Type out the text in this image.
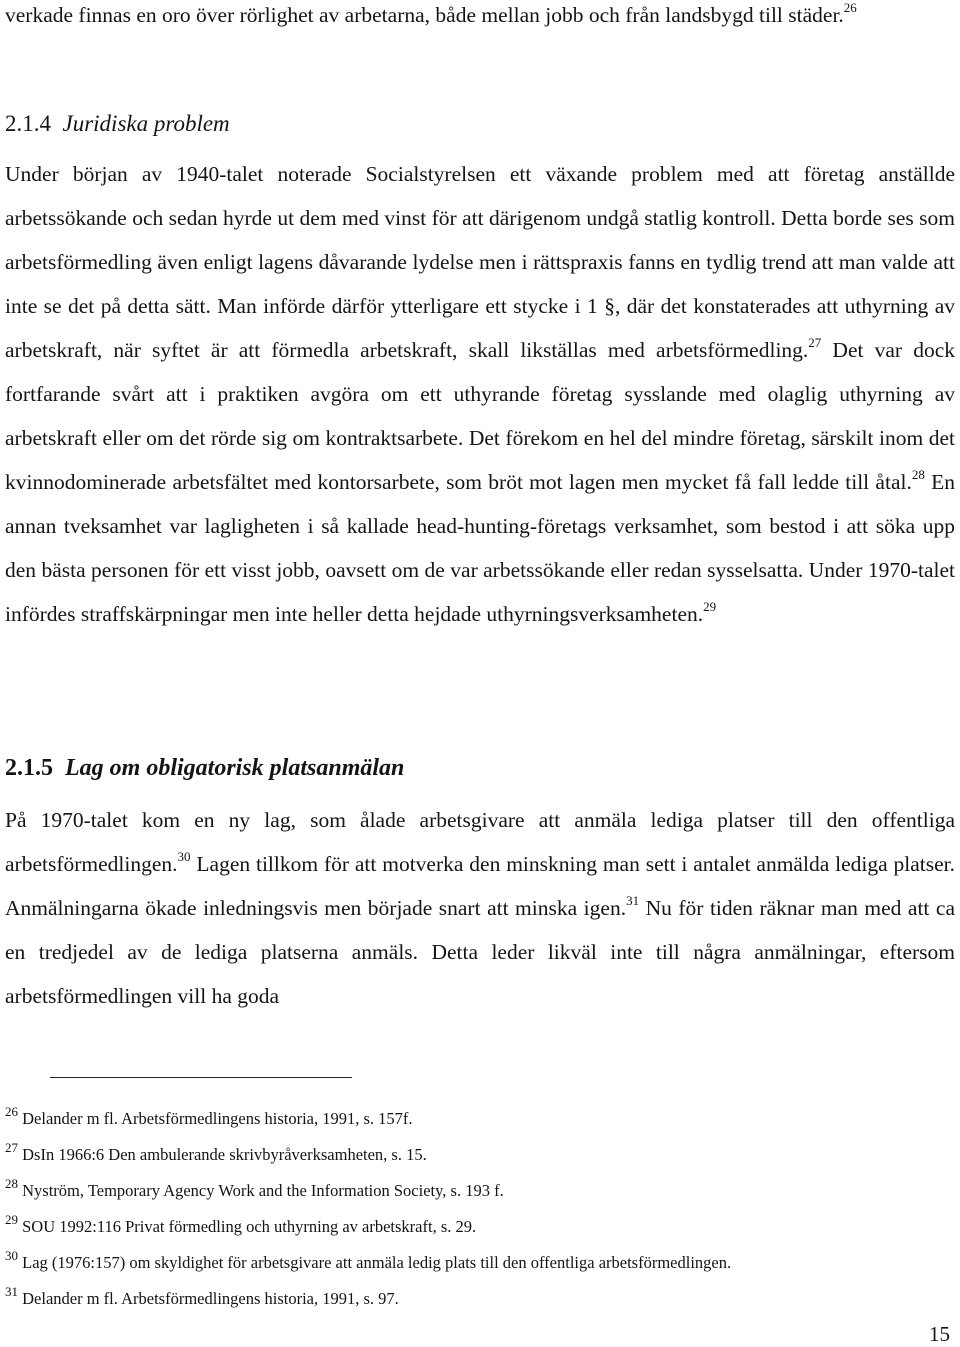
verkade finnas en oro över rörlighet av arbetarna, både mellan jobb och från landsbygd till städer.$^{26}$

2.1.4 Juridiska problem

Under början av 1940-talet noterade Socialstyrelsen ett växande problem med att företag anställde arbetssökande och sedan hyrde ut dem med vinst för att därigenom undgå statlig kontroll. Detta borde ses som arbetsförmedling även enligt lagens dåvarande lydelse men i rättspraxis fanns en tydlig trend att man valde att inte se det på detta sätt. Man införde därför ytterligare ett stycke i 1 §, där det konstaterades att uthyrning av arbetskraft, när syftet är att förmedla arbetskraft, skall likställas med arbetsförmedling.$^{27}$ Det var dock fortfarande svårt att i praktiken avgöra om ett uthyrande företag sysslande med olaglig uthyrning av arbetskraft eller om det rörde sig om kontraktsarbete. Det förekom en hel del mindre företag, särskilt inom det kvinnodominerade arbetsfältet med kontorsarbete, som bröt mot lagen men mycket få fall ledde till åtal.$^{28}$ En annan tveksamhet var lagligheten i så kallade head-hunting-företags verksamhet, som bestod i att söka upp den bästa personen för ett visst jobb, oavsett om de var arbetssökande eller redan sysselsatta. Under 1970-talet infördes straffskärpningar men inte heller detta hejdade uthyrningsverksamheten.$^{29}$

2.1.5 Lag om obligatorisk platsanmälan

På 1970-talet kom en ny lag, som ålade arbetsgivare att anmäla lediga platser till den offentliga arbetsförmedlingen.$^{30}$ Lagen tillkom för att motverka den minskning man sett i antalet anmälda lediga platser. Anmälningarna ökade inledningsvis men började snart att minska igen.$^{31}$ Nu för tiden räknar man med att ca en tredjedel av de lediga platserna anmäls. Detta leder likväl inte till några anmälningar, eftersom arbetsförmedlingen vill ha goda

$^{26}$ Delander m fl. Arbetsförmedlingens historia, 1991, s. 157f.
$^{27}$ DsIn 1966:6 Den ambulerande skrivbyråverksamheten, s. 15.
$^{28}$ Nyström, Temporary Agency Work and the Information Society, s. 193 f.
$^{29}$ SOU 1992:116 Privat förmedling och uthyrning av arbetskraft, s. 29.
$^{30}$ Lag (1976:157) om skyldighet för arbetsgivare att anmäla ledig plats till den offentliga arbetsförmedlingen.
$^{31}$ Delander m fl. Arbetsförmedlingens historia, 1991, s. 97.

15
